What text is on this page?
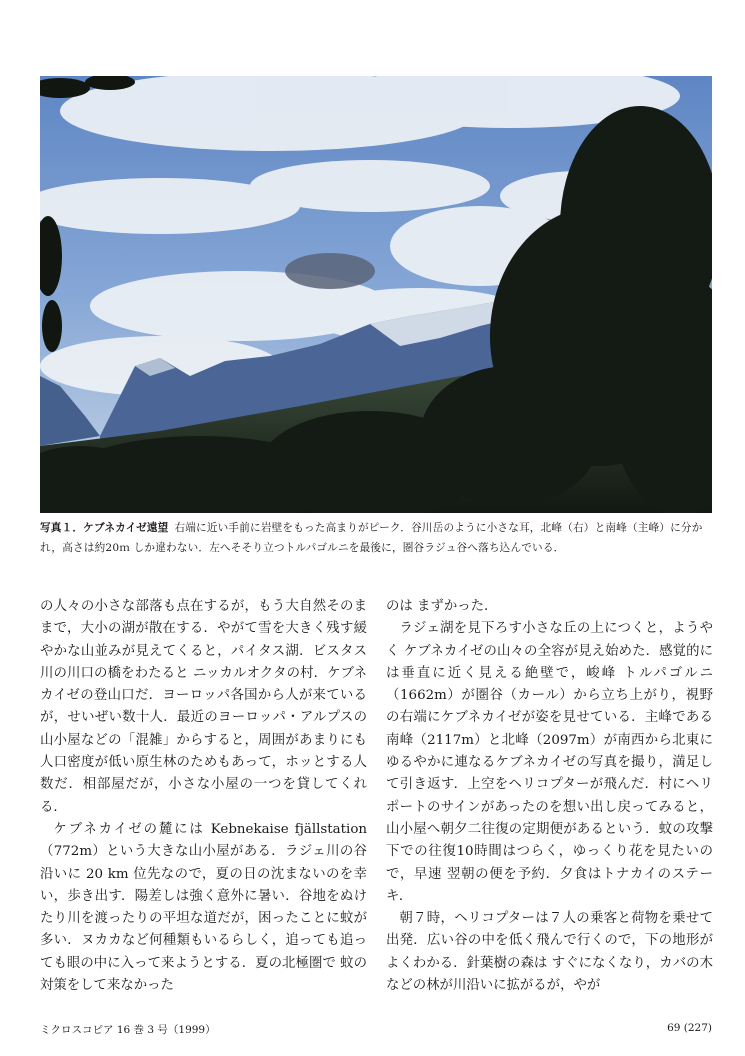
写真１．ケブネカイゼ遠望 右端に近い手前に岩壁をもった高まりがピーク．谷川岳のように小さな耳，北峰（右）と南峰（主峰）に分かれ，高さは約20ｍ しか違わない．左へそそり立つトルパゴルニを最後に，圏谷ラジュ谷へ落ち込んでいる．

の人々の小さな部落も点在するが，もう大自然そのままで，大小の湖が散在する．やがて雪を大きく残す緩やかな山並みが見えてくると，パイタス湖．ビスタス川の川口の橋をわたると ニッカルオクタの村．ケブネカイゼの登山口だ．ヨーロッパ各国から人が来ているが，せいぜい数十人．最近のヨーロッパ・アルプスの山小屋などの「混雑」からすると，周囲があまりにも人口密度が低い原生林のためもあって，ホッとする人数だ．相部屋だが，小さな小屋の一つを貸してくれる．

ケブネカイゼの麓には Kebnekaise fjällstation（772m）という大きな山小屋がある．ラジェ川の谷沿いに 20 km 位先なので，夏の日の沈まないのを幸い，歩き出す．陽差しは強く意外に暑い．谷地をぬけたり川を渡ったりの平坦な道だが，困ったことに蚊が多い．ヌカカなど何種類もいるらしく，追っても追っても眼の中に入って来ようとする．夏の北極圏で 蚊の対策をして来なかった

のは まずかった．

ラジェ湖を見下ろす小さな丘の上につくと，ようやく ケブネカイゼの山々の全容が見え始めた．感覚的には垂直に近く見える絶壁で，峻峰 トルパゴルニ（1662m）が圏谷（カール）から立ち上がり，視野の右端にケブネカイゼが姿を見せている．主峰である南峰（2117m）と北峰（2097m）が南西から北東にゆるやかに連なるケブネカイゼの写真を撮り，満足して引き返す．上空をヘリコプターが飛んだ．村にヘリポートのサインがあったのを想い出し戻ってみると，山小屋へ朝夕二往復の定期便があるという．蚊の攻撃下での往復10時間はつらく，ゆっくり花を見たいので，早速 翌朝の便を予約．夕食はトナカイのステーキ．

朝７時，ヘリコプターは７人の乗客と荷物を乗せて出発．広い谷の中を低く飛んで行くので，下の地形がよくわかる．針葉樹の森は すぐになくなり，カバの木などの林が川沿いに拡がるが，やが

ミクロスコピア 16 巻 3 号（1999）	69 (227)
